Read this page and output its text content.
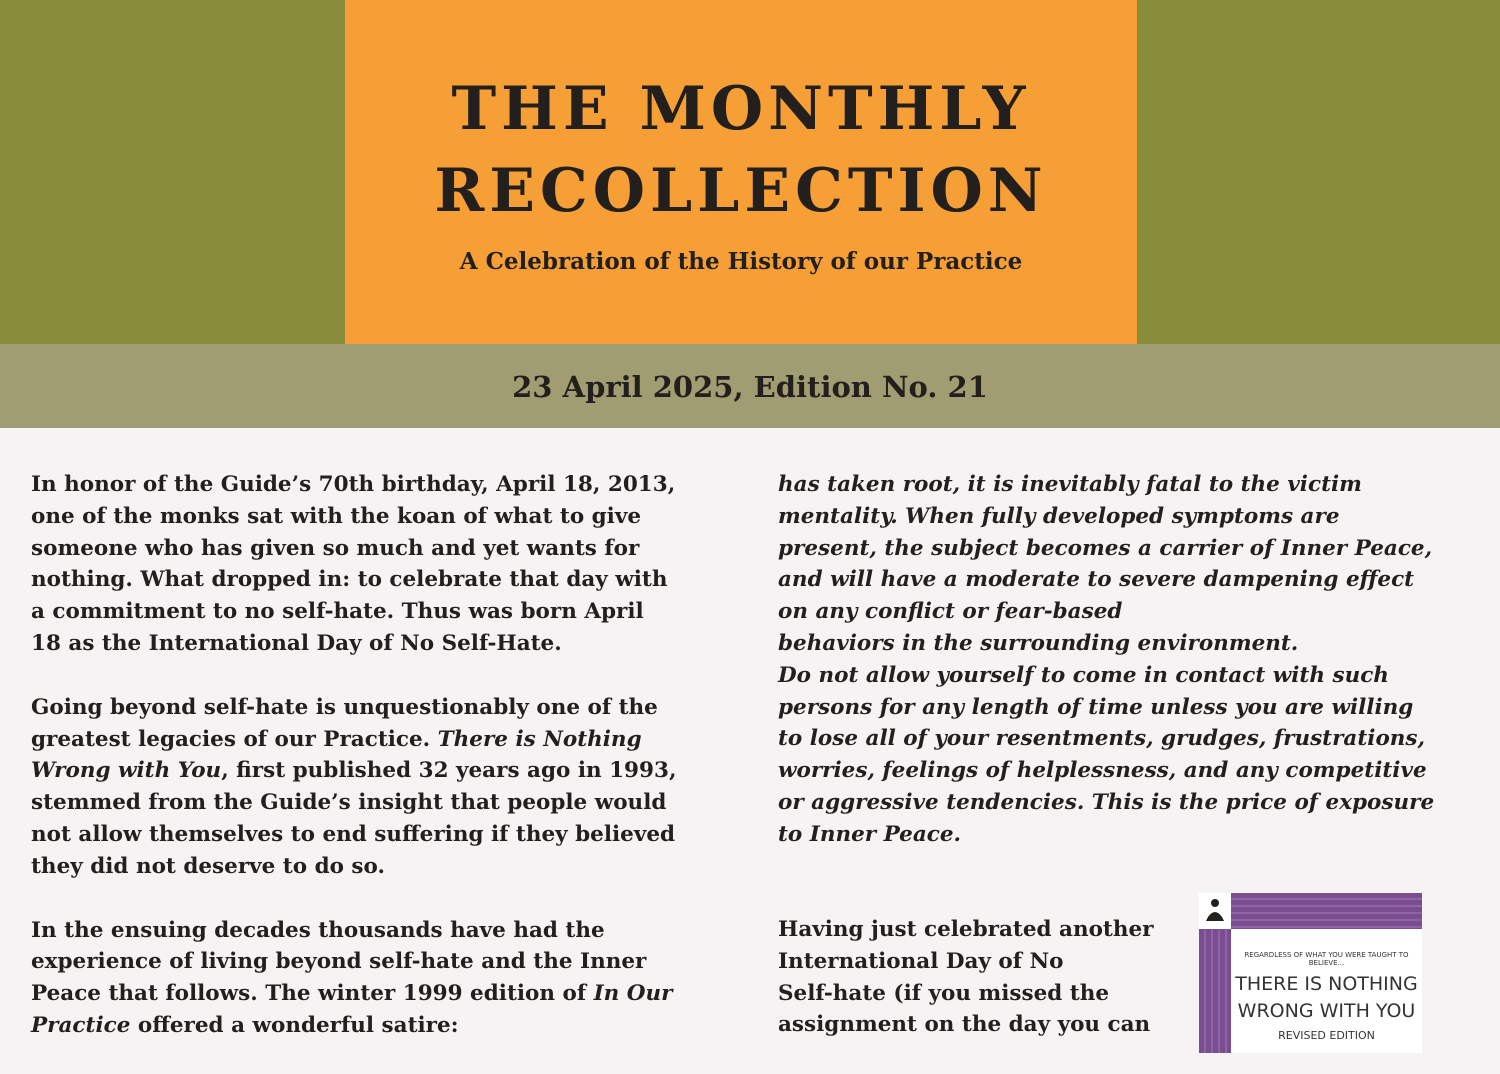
THE MONTHLY
RECOLLECTION
A Celebration of the History of our Practice
23 April 2025, Edition No. 21

In honor of the Guide’s 70th birthday, April 18, 2013,
one of the monks sat with the koan of what to give
someone who has given so much and yet wants for
nothing. What dropped in: to celebrate that day with
a commitment to no self-hate. Thus was born April
18 as the International Day of No Self-Hate.

Going beyond self-hate is unquestionably one of the
greatest legacies of our Practice. There is Nothing
Wrong with You, first published 32 years ago in 1993,
stemmed from the Guide’s insight that people would
not allow themselves to end suffering if they believed
they did not deserve to do so.

In the ensuing decades thousands have had the
experience of living beyond self-hate and the Inner
Peace that follows. The winter 1999 edition of In Our
Practice offered a wonderful satire:

has taken root, it is inevitably fatal to the victim
mentality. When fully developed symptoms are
present, the subject becomes a carrier of Inner Peace,
and will have a moderate to severe dampening effect
on any conflict or fear-based
behaviors in the surrounding environment.
Do not allow yourself to come in contact with such
persons for any length of time unless you are willing
to lose all of your resentments, grudges, frustrations,
worries, feelings of helplessness, and any competitive
or aggressive tendencies. This is the price of exposure
to Inner Peace.
Having just celebrated another
International Day of No
Self-hate (if you missed the
assignment on the day you can
REGARDLESS OF WHAT YOU WERE TAUGHT TO BELIEVE...
THERE IS NOTHING
WRONG WITH YOU
REVISED EDITION
